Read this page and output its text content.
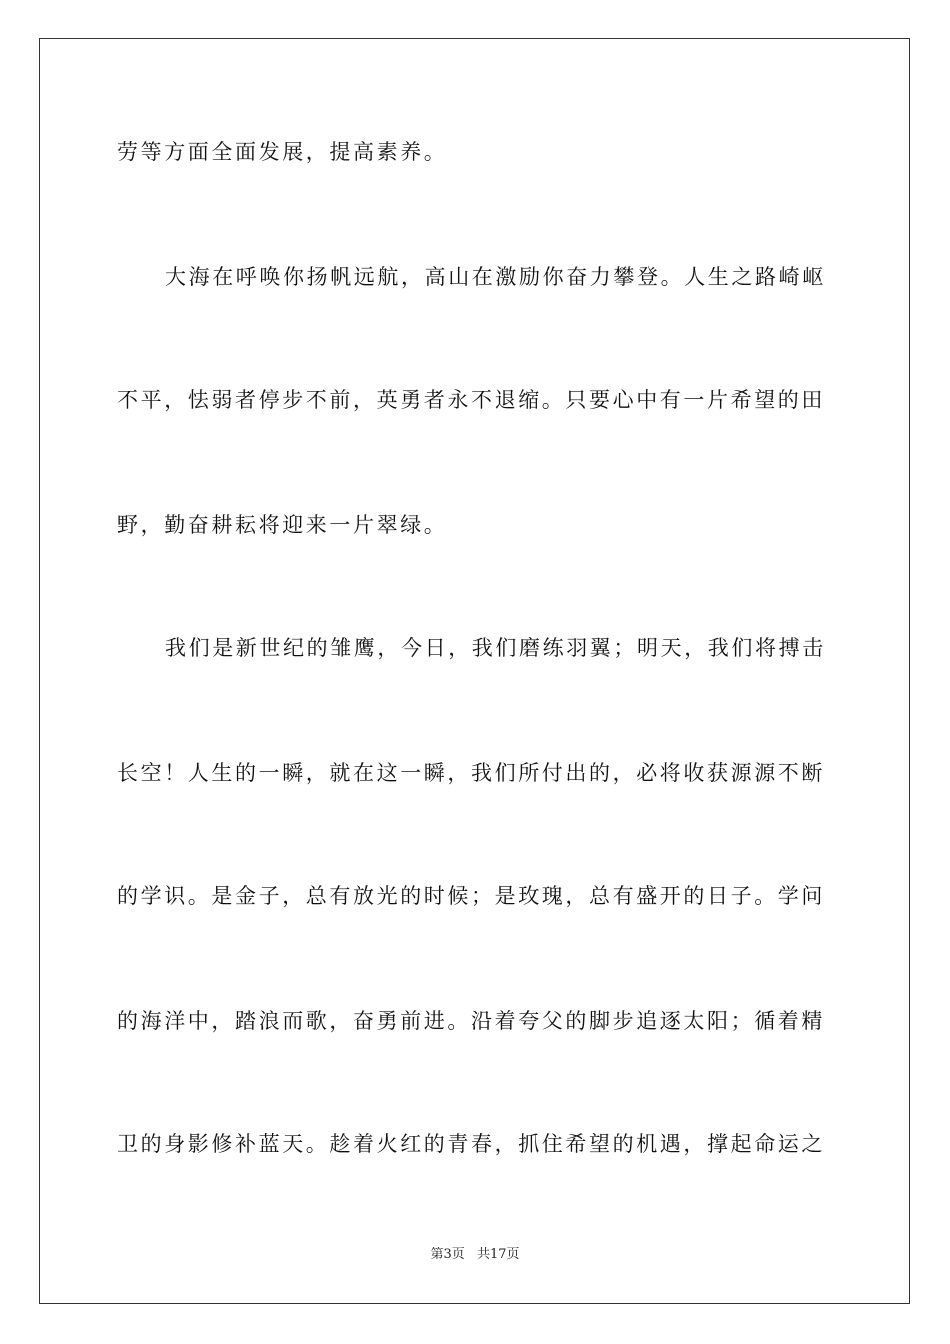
劳等方面全面发展，提高素养。
大海在呼唤你扬帆远航，高山在激励你奋力攀登。人生之路崎岖
不平，怯弱者停步不前，英勇者永不退缩。只要心中有一片希望的田
野，勤奋耕耘将迎来一片翠绿。
我们是新世纪的雏鹰，今日，我们磨练羽翼；明天，我们将搏击
长空！人生的一瞬，就在这一瞬，我们所付出的，必将收获源源不断
的学识。是金子，总有放光的时候；是玫瑰，总有盛开的日子。学问
的海洋中，踏浪而歌，奋勇前进。沿着夸父的脚步追逐太阳；循着精
卫的身影修补蓝天。趁着火红的青春，抓住希望的机遇，撑起命运之
第3页 共17页
